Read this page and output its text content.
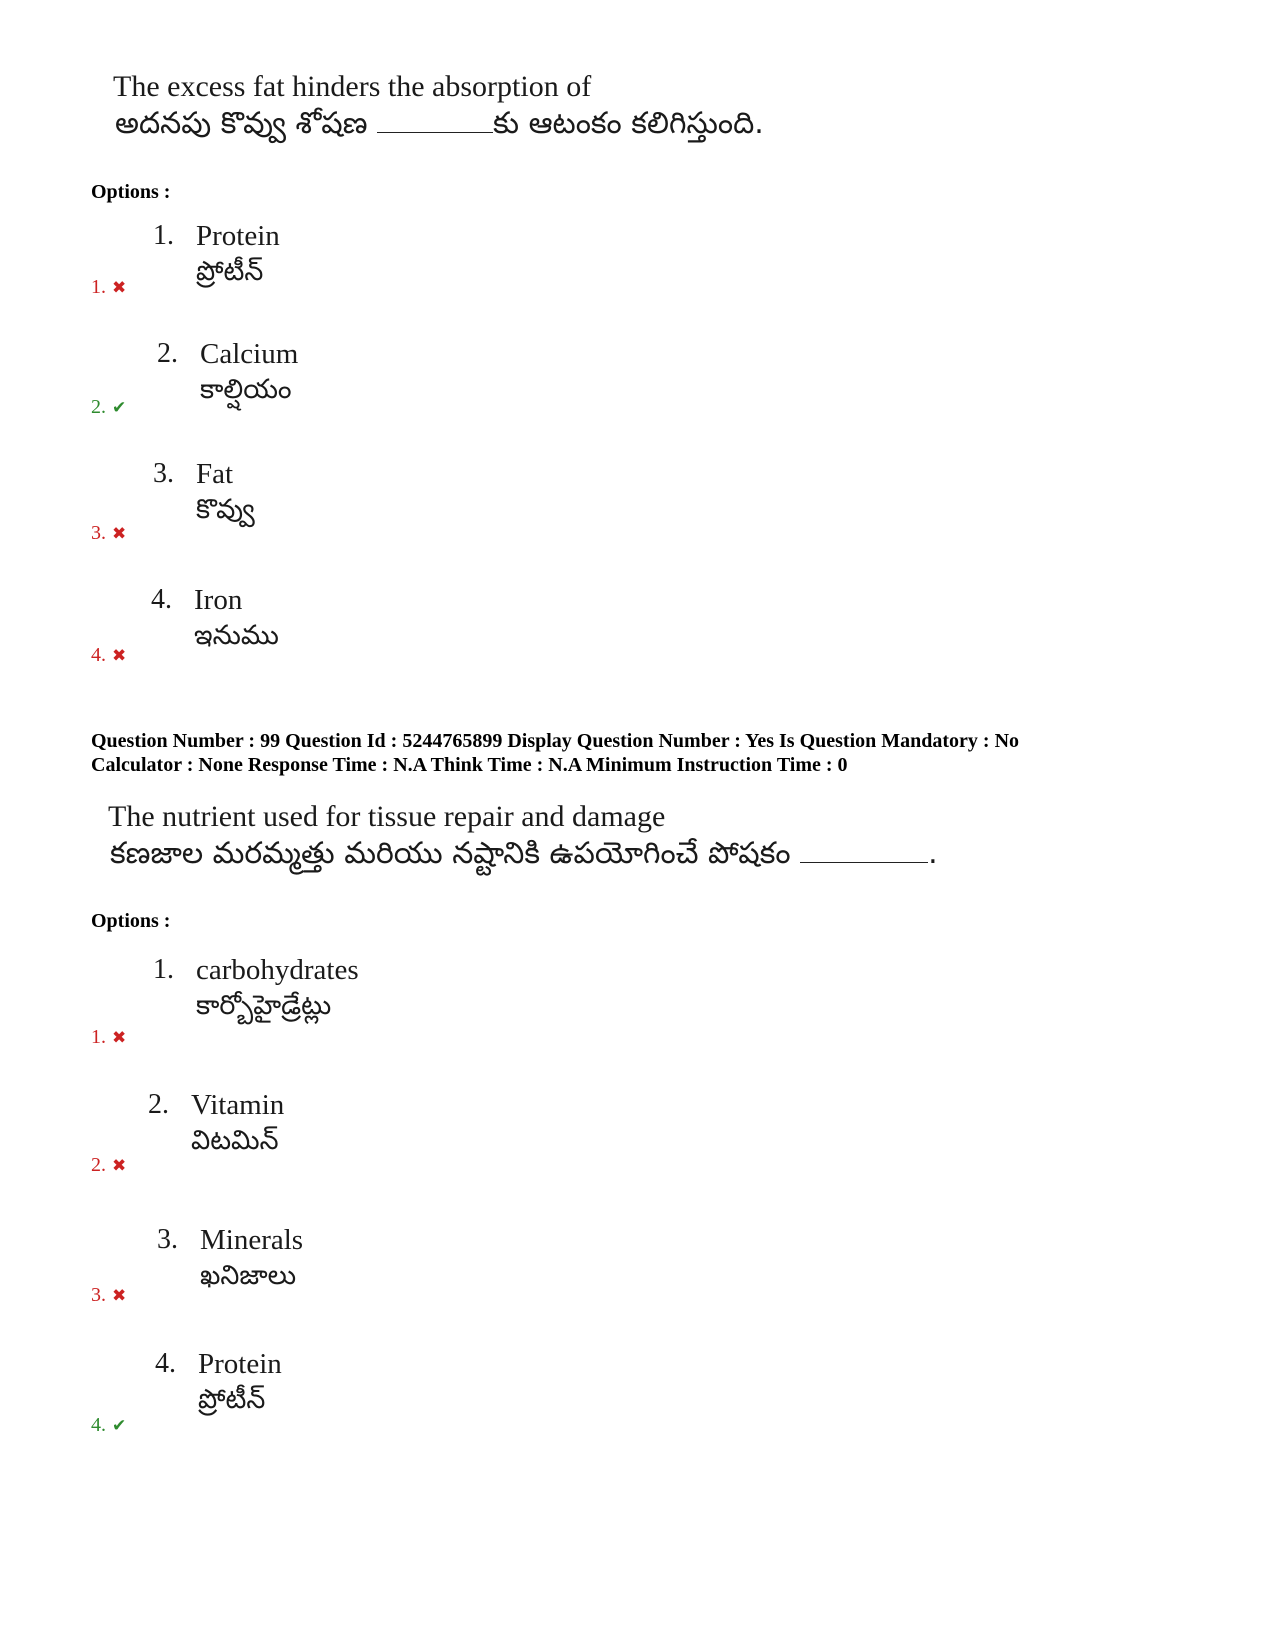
The excess fat hinders the absorption of
అదనపు కొవ్వు శోషణ	కు ఆటంకం కలిగిస్తుంది.
Options :
1. Protein
ప్రోటీన్
1. ✖
2. Calcium
కాల్షియం
2. ✔
3. Fat
కొవ్వు
3. ✖
4. Iron
ఇనుము
4. ✖
Question Number : 99 Question Id : 5244765899 Display Question Number : Yes Is Question Mandatory : No
Calculator : None Response Time : N.A Think Time : N.A Minimum Instruction Time : 0
The nutrient used for tissue repair and damage
కణజాల మరమ్మత్తు మరియు నష్టానికి ఉపయోగించే పోషకం	.
Options :
1. carbohydrates
కార్బోహైడ్రేట్లు
1. ✖
2. Vitamin
విటమిన్
2. ✖
3. Minerals
ఖనిజాలు
3. ✖
4. Protein
ప్రోటీన్
4. ✔
